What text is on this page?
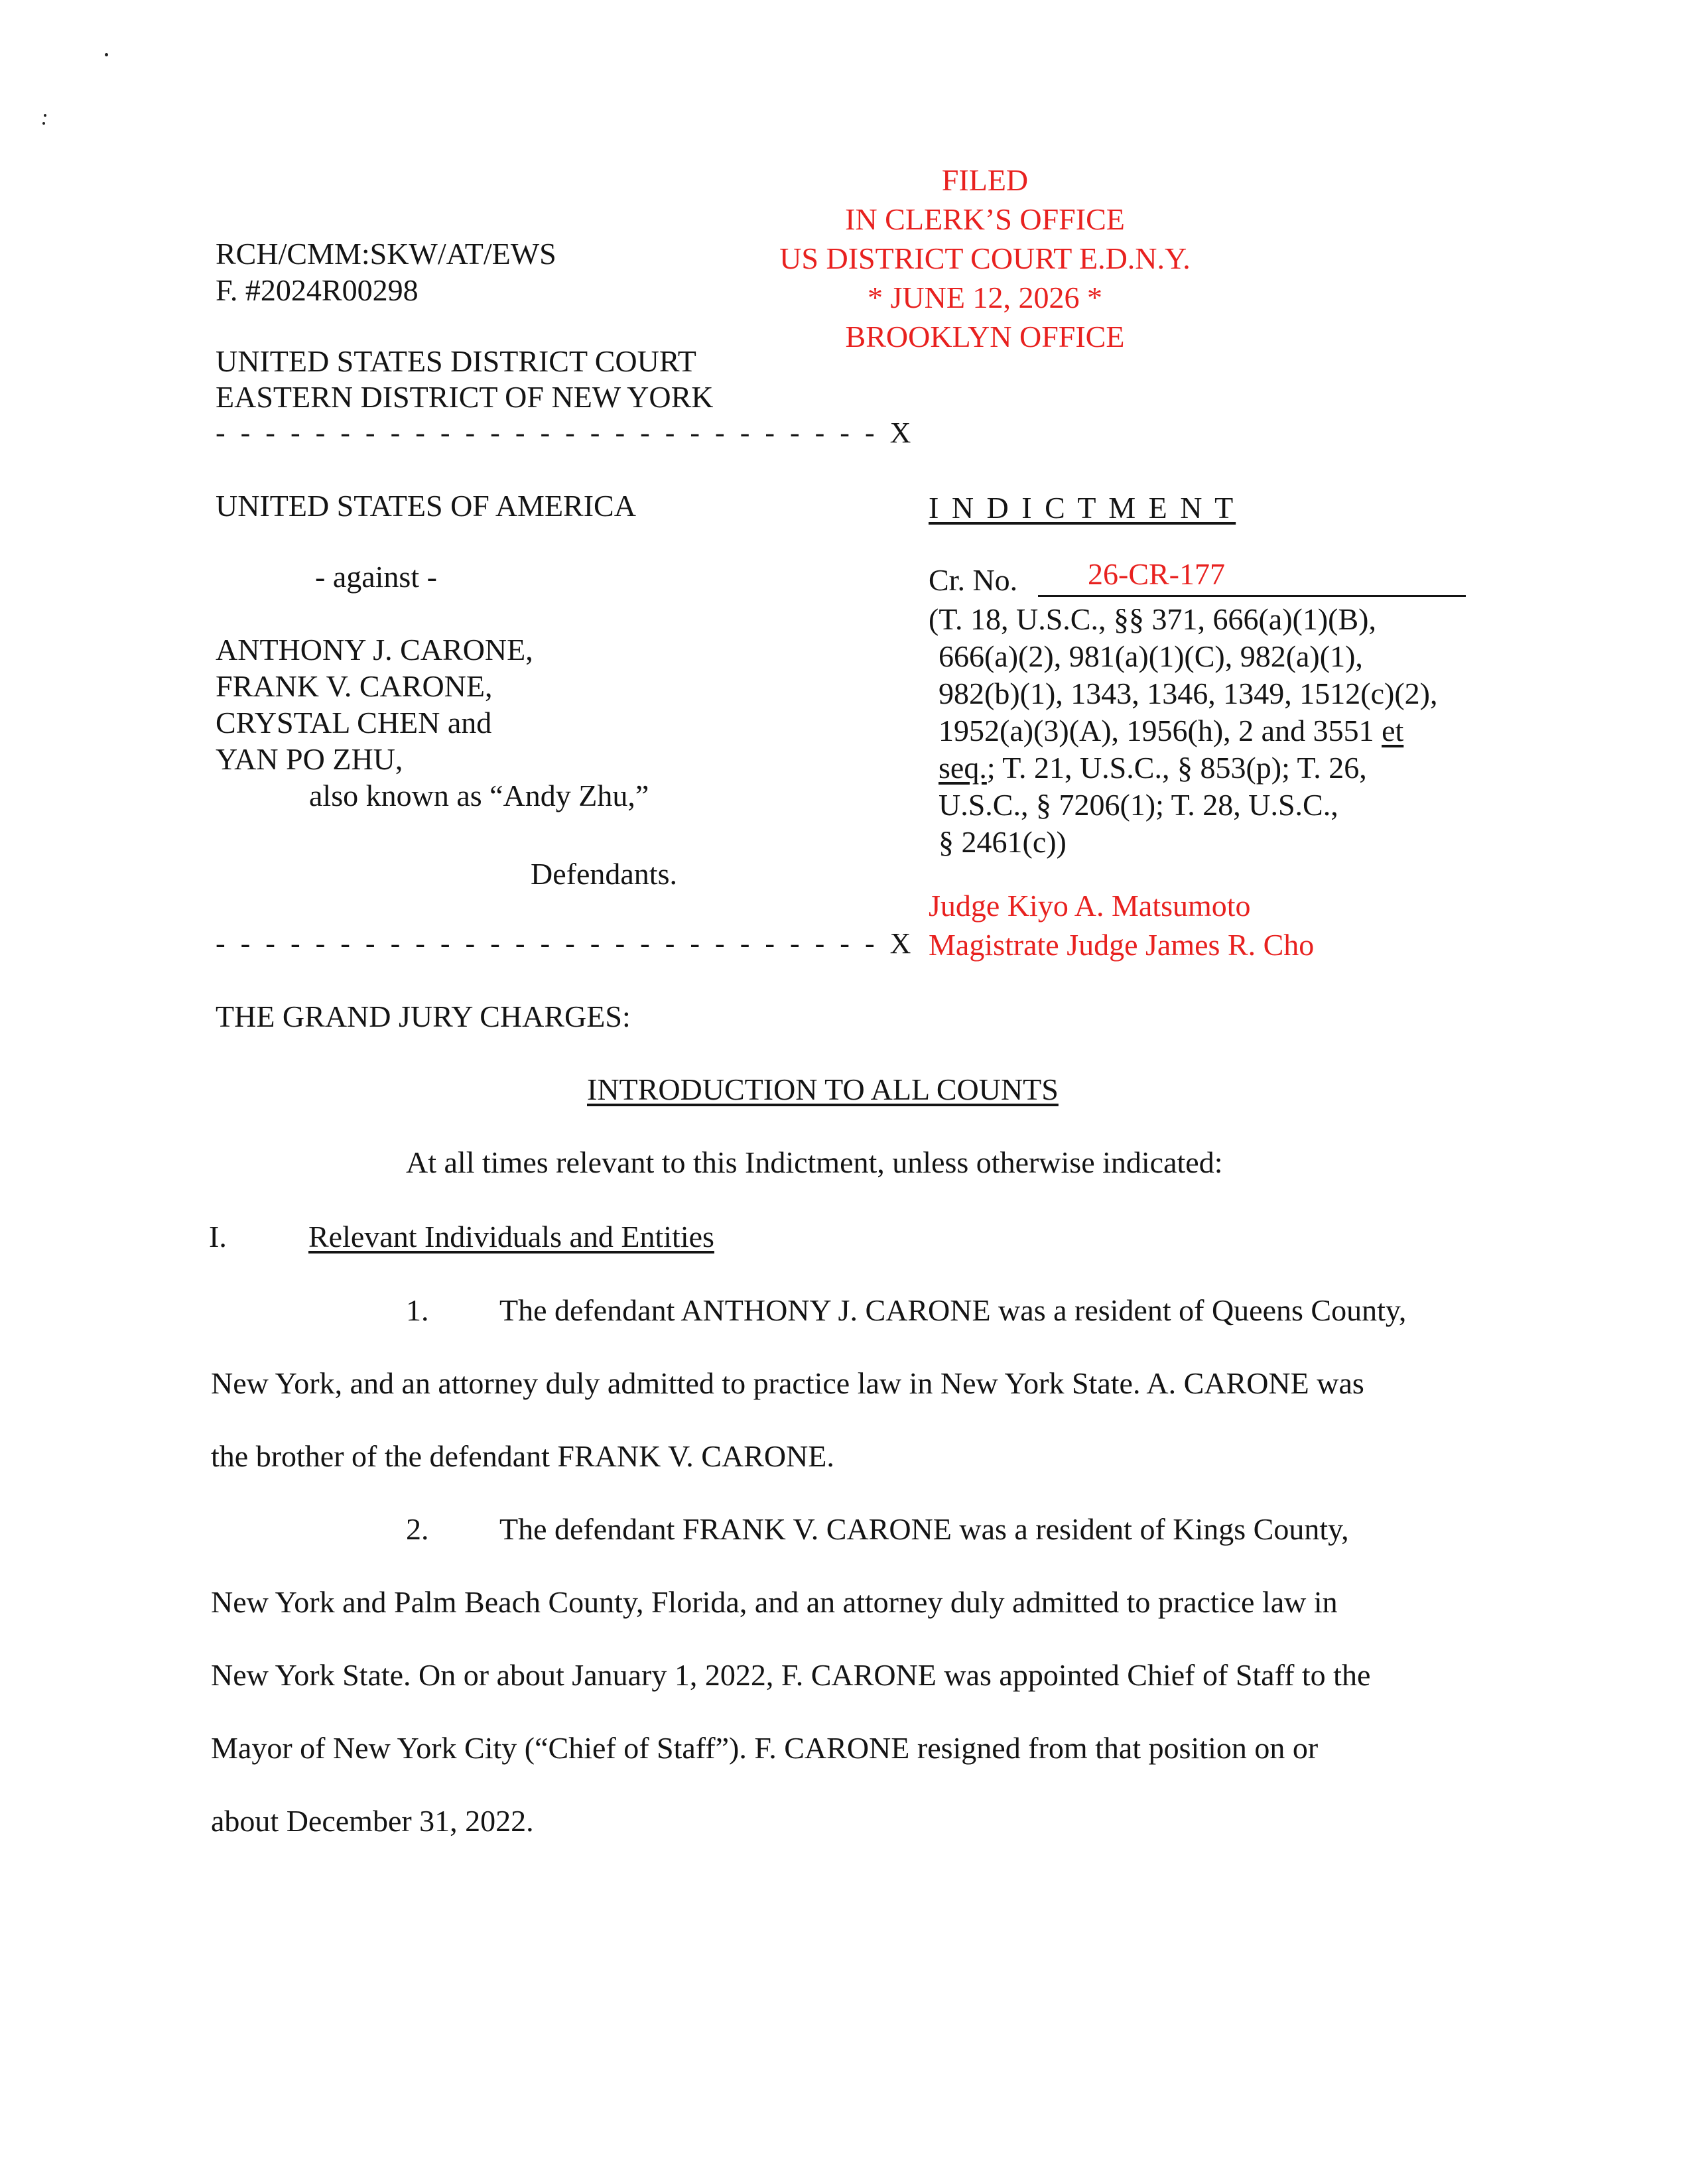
RCH/CMM:SKW/AT/EWS
F. #2024R00298
FILED
IN CLERK’S OFFICE
US DISTRICT COURT E.D.N.Y.
* JUNE 12, 2026 *
BROOKLYN OFFICE
UNITED STATES DISTRICT COURT
EASTERN DISTRICT OF NEW YORK
- - - - - - - - - - - - - - - - - - - - - - - - - - - X
UNITED STATES OF AMERICA
- against -
ANTHONY J. CARONE,
FRANK V. CARONE,
CRYSTAL CHEN and
YAN PO ZHU,
also known as “Andy Zhu,”
Defendants.
- - - - - - - - - - - - - - - - - - - - - - - - - - - X
I N D I C T M E N T
Cr. No. 26-CR-177
(T. 18, U.S.C., §§ 371, 666(a)(1)(B),
666(a)(2), 981(a)(1)(C), 982(a)(1),
982(b)(1), 1343, 1346, 1349, 1512(c)(2),
1952(a)(3)(A), 1956(h), 2 and 3551 et
seq.; T. 21, U.S.C., § 853(p); T. 26,
U.S.C., § 7206(1); T. 28, U.S.C.,
§ 2461(c))
Judge Kiyo A. Matsumoto
Magistrate Judge James R. Cho
THE GRAND JURY CHARGES:
INTRODUCTION TO ALL COUNTS
At all times relevant to this Indictment, unless otherwise indicated:
I.	Relevant Individuals and Entities
1. The defendant ANTHONY J. CARONE was a resident of Queens County,
New York, and an attorney duly admitted to practice law in New York State. A. CARONE was
the brother of the defendant FRANK V. CARONE.
2. The defendant FRANK V. CARONE was a resident of Kings County,
New York and Palm Beach County, Florida, and an attorney duly admitted to practice law in
New York State. On or about January 1, 2022, F. CARONE was appointed Chief of Staff to the
Mayor of New York City (“Chief of Staff”). F. CARONE resigned from that position on or
about December 31, 2022.
